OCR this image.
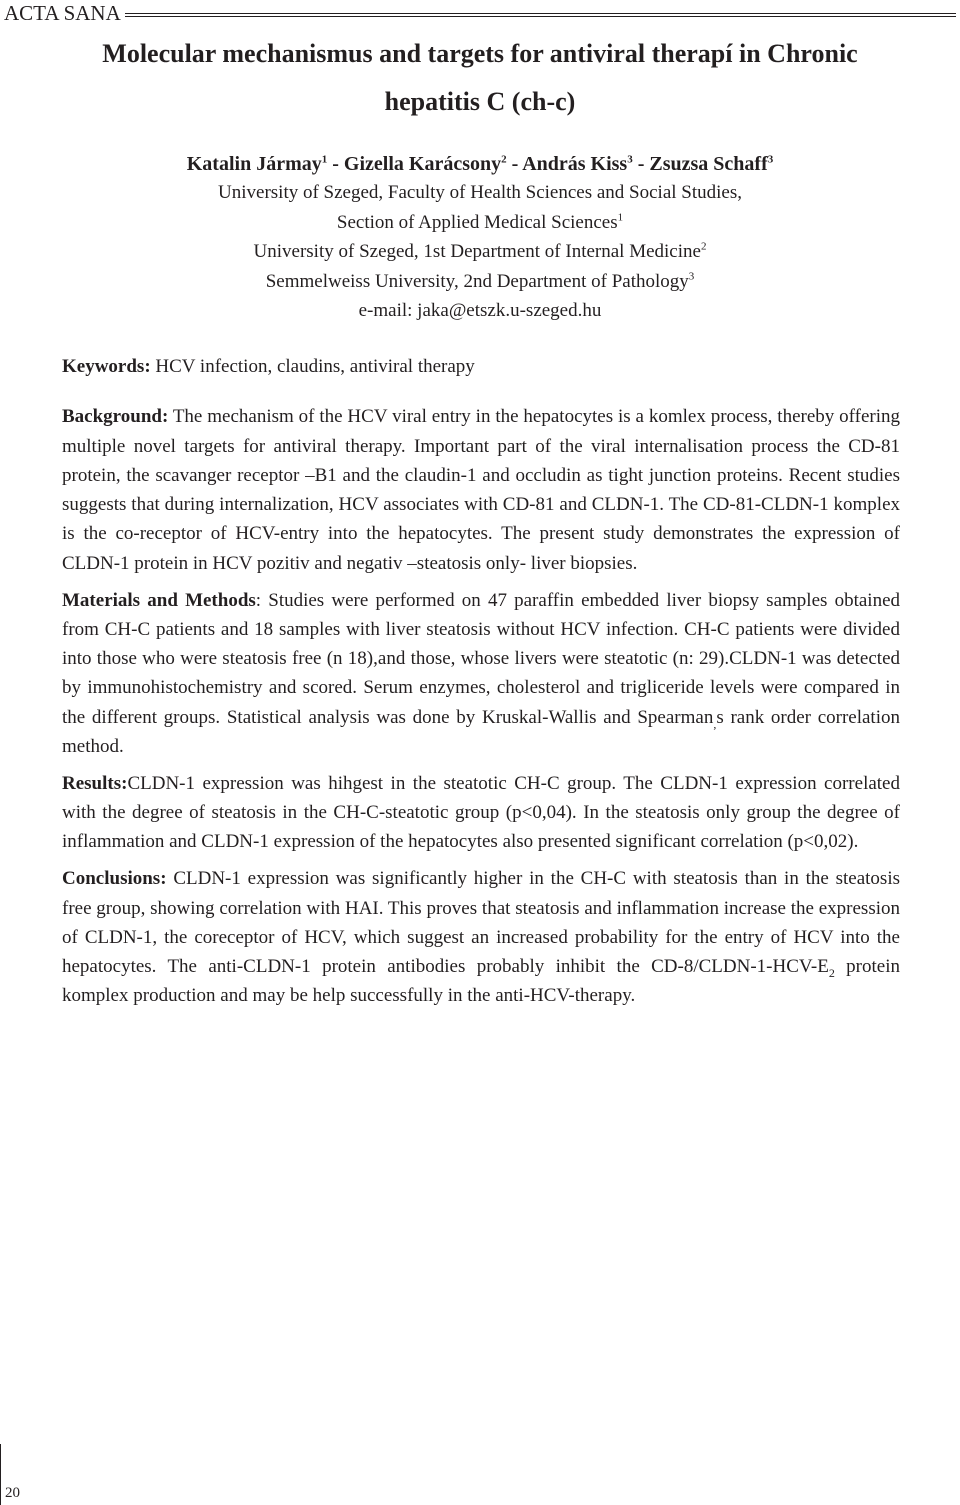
ACTA SANA
Molecular mechanismus and targets for antiviral therapí in Chronic
hepatitis C (ch-c)

Katalin Jármay$^1$ - Gizella Karácsony$^2$ - András Kiss$^3$ - Zsuzsa Schaff$^3$

University of Szeged, Faculty of Health Sciences and Social Studies,
Section of Applied Medical Sciences$^1$
University of Szeged, 1st Department of Internal Medicine$^2$
Semmelweiss University, 2nd Department of Pathology$^3$
e-mail: jaka@etszk.u-szeged.hu

Keywords: HCV infection, claudins, antiviral therapy

Background: The mechanism of the HCV viral entry in the hepatocytes is a komlex process, thereby offering multiple novel targets for antiviral therapy. Important part of the viral internalisation process the CD-81 protein, the scavanger receptor –B1 and the claudin-1 and occludin as tight junction proteins. Recent studies suggests that during internalization, HCV associates with CD-81 and CLDN-1. The CD-81-CLDN-1 komplex is the co-receptor of HCV-entry into the hepatocytes. The present study demonstrates the expression of CLDN-1 protein in HCV pozitiv and negativ –steatosis only- liver biopsies.

Materials and Methods: Studies were performed on 47 paraffin embedded liver biopsy samples obtained from CH-C patients and 18 samples with liver steatosis without HCV infection. CH-C patients were divided into those who were steatosis free (n 18),and those, whose livers were steatotic (n: 29).CLDN-1 was detected by immunohistochemistry and scored. Serum enzymes, cholesterol and trigliceride levels were compared in the different groups. Statistical analysis was done by Kruskal-Wallis and Spearman$_,$s rank order correlation method.

Results:CLDN-1 expression was hihgest in the steatotic CH-C group. The CLDN-1 expression correlated with the degree of steatosis in the CH-C-steatotic group (p<0,04). In the steatosis only group the degree of inflammation and CLDN-1 expression of the hepatocytes also presented significant correlation (p<0,02).

Conclusions: CLDN-1 expression was significantly higher in the CH-C with steatosis than in the steatosis free group, showing correlation with HAI. This proves that steatosis and inflammation increase the expression of CLDN-1, the coreceptor of HCV, which suggest an increased probability for the entry of HCV into the hepatocytes. The anti-CLDN-1 protein antibodies probably inhibit the $CD-8/CLDN-1-HCV-E_2$ protein komplex production and may be help successfully in the anti-HCV-therapy.

20
